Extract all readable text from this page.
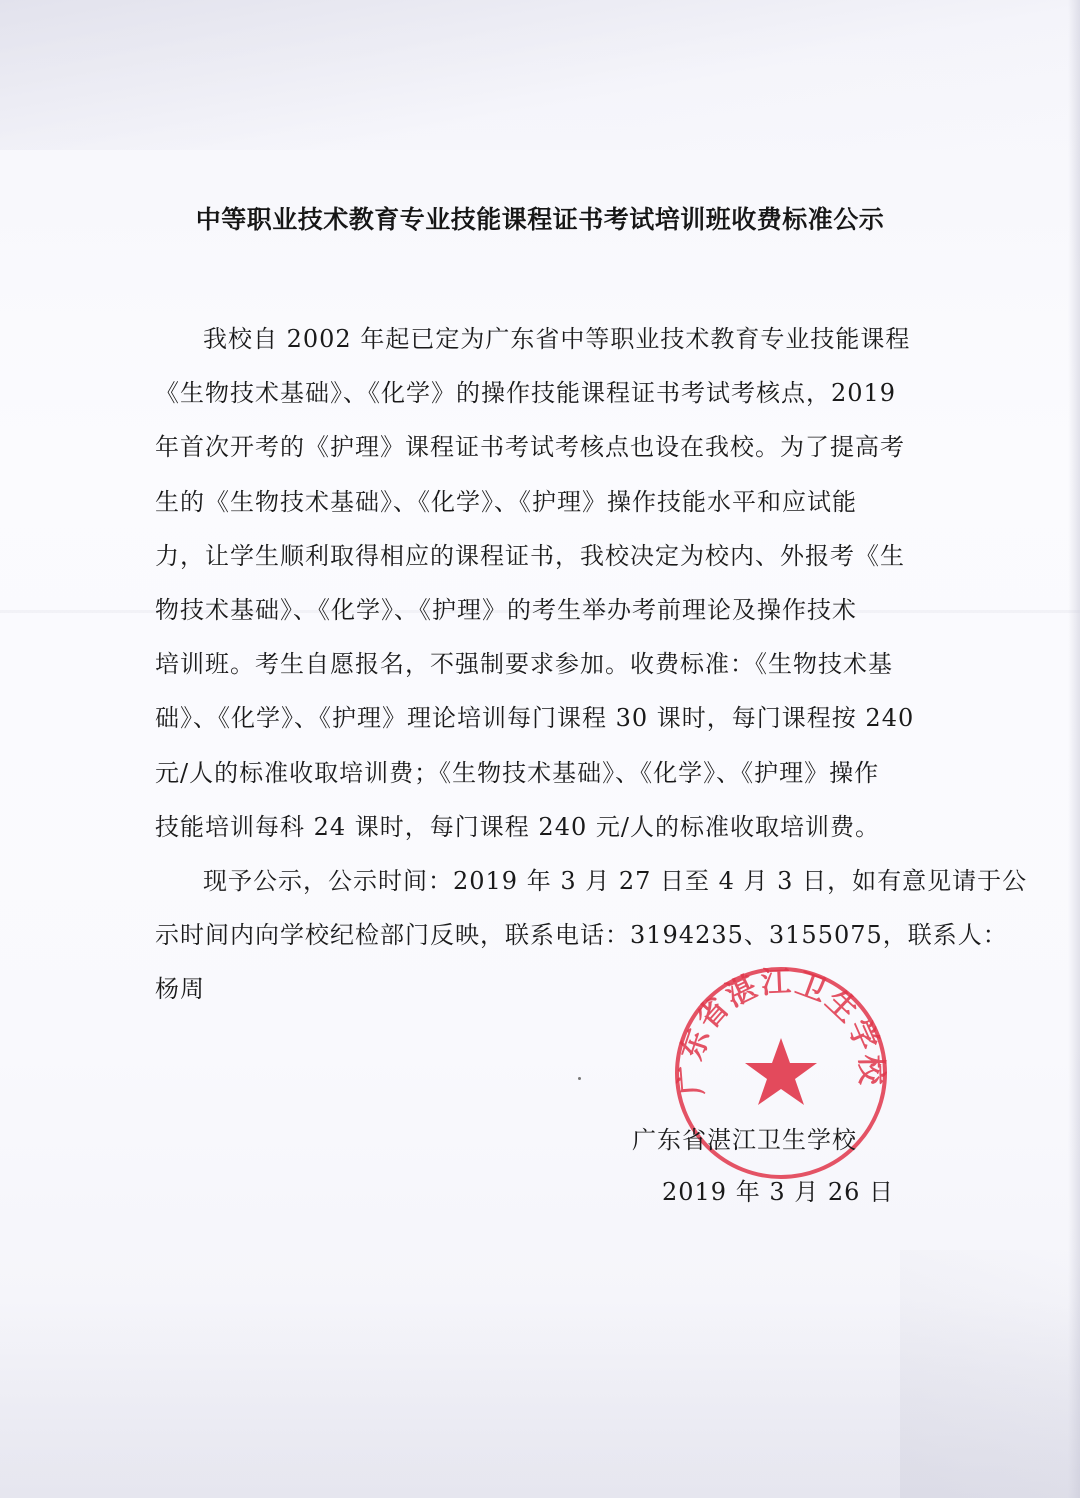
中等职业技术教育专业技能课程证书考试培训班收费标准公示
我校自 2002 年起已定为广东省中等职业技术教育专业技能课程
《生物技术基础》、《化学》的操作技能课程证书考试考核点，2019
年首次开考的《护理》课程证书考试考核点也设在我校。为了提高考
生的《生物技术基础》、《化学》、《护理》操作技能水平和应试能
力，让学生顺利取得相应的课程证书，我校决定为校内、外报考《生
物技术基础》、《化学》、《护理》的考生举办考前理论及操作技术
培训班。考生自愿报名，不强制要求参加。收费标准：《生物技术基
础》、《化学》、《护理》理论培训每门课程 30 课时，每门课程按 240
元/人的标准收取培训费；《生物技术基础》、《化学》、《护理》操作
技能培训每科 24 课时，每门课程 240 元/人的标准收取培训费。
现予公示，公示时间：2019 年 3 月 27 日至 4 月 3 日，如有意见请于公
示时间内向学校纪检部门反映，联系电话：3194235、3155075，联系人：
杨周
广东省湛江卫生学校
广东省湛江卫生学校
2019 年 3 月 26 日
